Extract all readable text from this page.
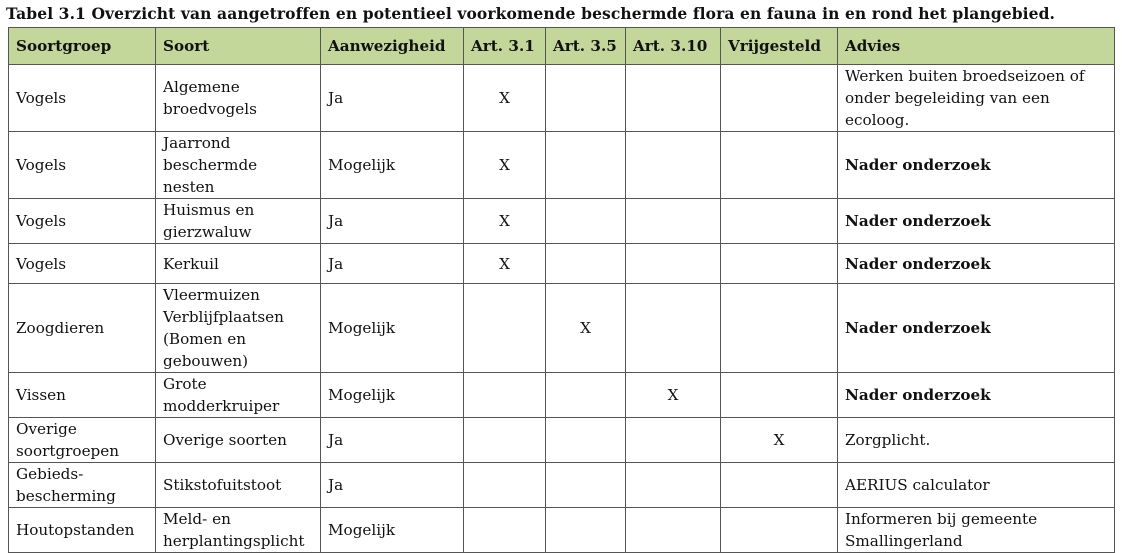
Tabel 3.1 Overzicht van aangetroffen en potentieel voorkomende beschermde flora en fauna in en rond het plangebied.
Soortgroep	Soort	Aanwezigheid	Art. 3.1	Art. 3.5	Art. 3.10	Vrijgesteld	Advies
Vogels	Algemene broedvogels	Ja	X				Werken buiten broedseizoen of onder begeleiding van een ecoloog.
Vogels	Jaarrond beschermde nesten	Mogelijk	X				Nader onderzoek
Vogels	Huismus en gierzwaluw	Ja	X				Nader onderzoek
Vogels	Kerkuil	Ja	X				Nader onderzoek
Zoogdieren	Vleermuizen Verblijfplaatsen (Bomen en gebouwen)	Mogelijk		X			Nader onderzoek
Vissen	Grote modderkruiper	Mogelijk			X		Nader onderzoek
Overige soortgroepen	Overige soorten	Ja				X	Zorgplicht.
Gebieds-bescherming	Stikstofuitstoot	Ja					AERIUS calculator
Houtopstanden	Meld- en herplantingsplicht	Mogelijk					Informeren bij gemeente Smallingerland
